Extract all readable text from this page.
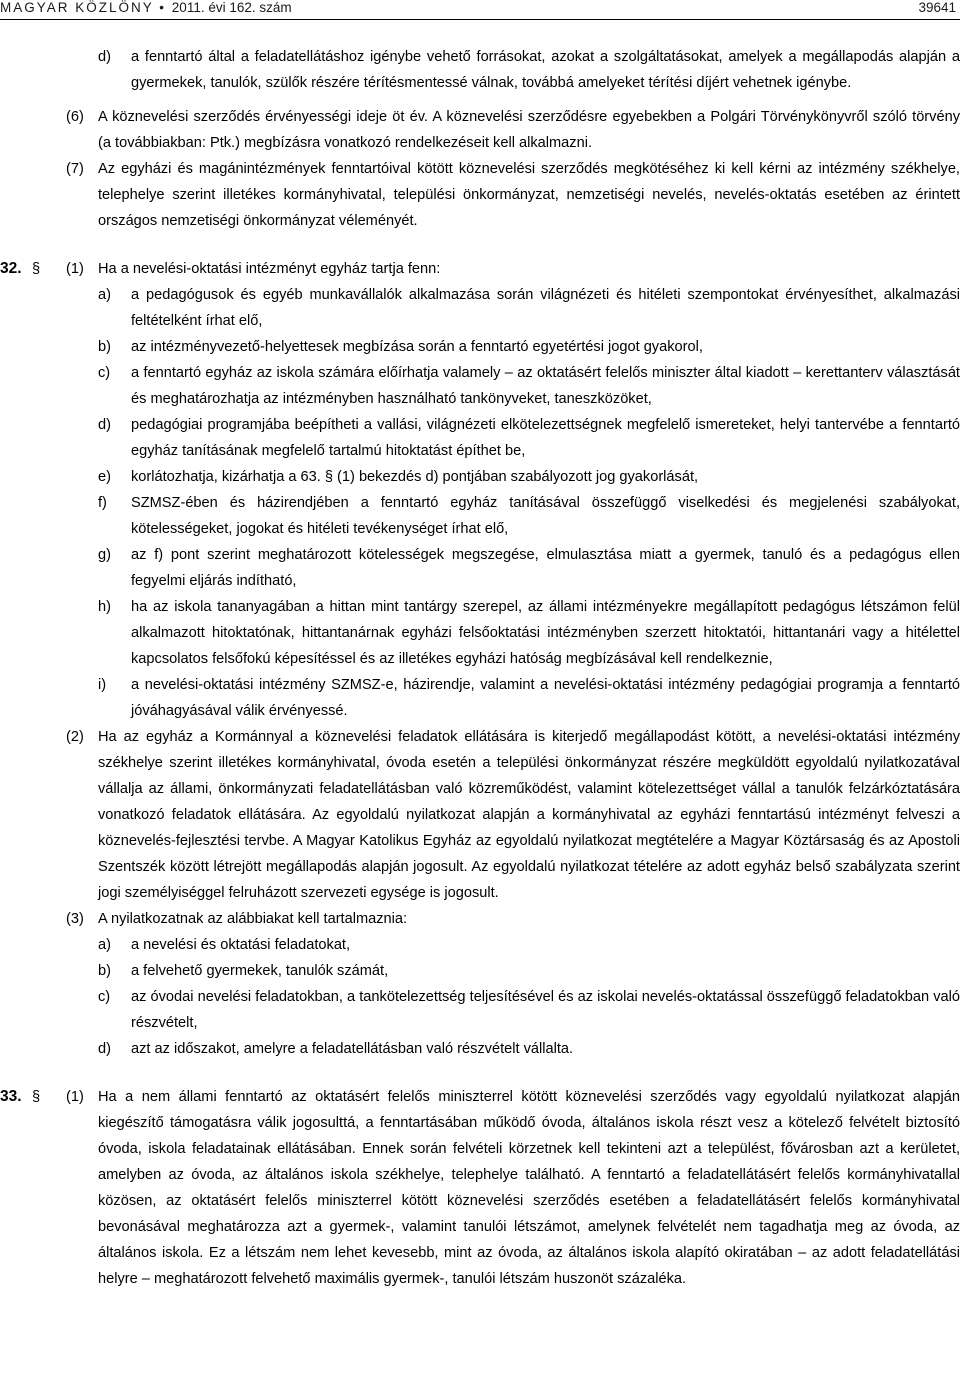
MAGYAR KÖZLÖNY • 2011. évi 162. szám	39641
d) a fenntartó által a feladatellátáshoz igénybe vehető forrásokat, azokat a szolgáltatásokat, amelyek a megállapodás alapján a gyermekek, tanulók, szülők részére térítésmentessé válnak, továbbá amelyeket térítési díjért vehetnek igénybe.
(6) A köznevelési szerződés érvényességi ideje öt év. A köznevelési szerződésre egyebekben a Polgári Törvénykönyvről szóló törvény (a továbbiakban: Ptk.) megbízásra vonatkozó rendelkezéseit kell alkalmazni.
(7) Az egyházi és magánintézmények fenntartóival kötött köznevelési szerződés megkötéséhez ki kell kérni az intézmény székhelye, telephelye szerint illetékes kormányhivatal, települési önkormányzat, nemzetiségi nevelés, nevelés-oktatás esetében az érintett országos nemzetiségi önkormányzat véleményét.
32. § (1) Ha a nevelési-oktatási intézményt egyház tartja fenn:
a) a pedagógusok és egyéb munkavállalók alkalmazása során világnézeti és hitéleti szempontokat érvényesíthet, alkalmazási feltételként írhat elő,
b) az intézményvezető-helyettesek megbízása során a fenntartó egyetértési jogot gyakorol,
c) a fenntartó egyház az iskola számára előírhatja valamely – az oktatásért felelős miniszter által kiadott – kerettanterv választását és meghatározhatja az intézményben használható tankönyveket, taneszközöket,
d) pedagógiai programjába beépítheti a vallási, világnézeti elkötelezettségnek megfelelő ismereteket, helyi tantervébe a fenntartó egyház tanításának megfelelő tartalmú hitoktatást építhet be,
e) korlátozhatja, kizárhatja a 63. § (1) bekezdés d) pontjában szabályozott jog gyakorlását,
f) SZMSZ-ében és házirendjében a fenntartó egyház tanításával összefüggő viselkedési és megjelenési szabályokat, kötelességeket, jogokat és hitéleti tevékenységet írhat elő,
g) az f) pont szerint meghatározott kötelességek megszegése, elmulasztása miatt a gyermek, tanuló és a pedagógus ellen fegyelmi eljárás indítható,
h) ha az iskola tananyagában a hittan mint tantárgy szerepel, az állami intézményekre megállapított pedagógus létszámon felül alkalmazott hitoktatónak, hittantanárnak egyházi felsőoktatási intézményben szerzett hitoktatói, hittantanári vagy a hitélettel kapcsolatos felsőfokú képesítéssel és az illetékes egyházi hatóság megbízásával kell rendelkeznie,
i) a nevelési-oktatási intézmény SZMSZ-e, házirendje, valamint a nevelési-oktatási intézmény pedagógiai programja a fenntartó jóváhagyásával válik érvényessé.
(2) Ha az egyház a Kormánnyal a köznevelési feladatok ellátására is kiterjedő megállapodást kötött, a nevelési-oktatási intézmény székhelye szerint illetékes kormányhivatal, óvoda esetén a települési önkormányzat részére megküldött egyoldalú nyilatkozatával vállalja az állami, önkormányzati feladatellátásban való közreműködést, valamint kötelezettséget vállal a tanulók felzárkóztatására vonatkozó feladatok ellátására. Az egyoldalú nyilatkozat alapján a kormányhivatal az egyházi fenntartású intézményt felveszi a köznevelés-fejlesztési tervbe. A Magyar Katolikus Egyház az egyoldalú nyilatkozat megtételére a Magyar Köztársaság és az Apostoli Szentszék között létrejött megállapodás alapján jogosult. Az egyoldalú nyilatkozat tételére az adott egyház belső szabályzata szerint jogi személyiséggel felruházott szervezeti egysége is jogosult.
(3) A nyilatkozatnak az alábbiakat kell tartalmaznia:
a) a nevelési és oktatási feladatokat,
b) a felvehető gyermekek, tanulók számát,
c) az óvodai nevelési feladatokban, a tankötelezettség teljesítésével és az iskolai nevelés-oktatással összefüggő feladatokban való részvételt,
d) azt az időszakot, amelyre a feladatellátásban való részvételt vállalta.
33. § (1) Ha a nem állami fenntartó az oktatásért felelős miniszterrel kötött köznevelési szerződés vagy egyoldalú nyilatkozat alapján kiegészítő támogatásra válik jogosulttá, a fenntartásában működő óvoda, általános iskola részt vesz a kötelező felvételt biztosító óvoda, iskola feladatainak ellátásában. Ennek során felvételi körzetnek kell tekinteni azt a települést, fővárosban azt a kerületet, amelyben az óvoda, az általános iskola székhelye, telephelye található. A fenntartó a feladatellátásért felelős kormányhivatallal közösen, az oktatásért felelős miniszterrel kötött köznevelési szerződés esetében a feladatellátásért felelős kormányhivatal bevonásával meghatározza azt a gyermek-, valamint tanulói létszámot, amelynek felvételét nem tagadhatja meg az óvoda, az általános iskola. Ez a létszám nem lehet kevesebb, mint az óvoda, az általános iskola alapító okiratában – az adott feladatellátási helyre – meghatározott felvehető maximális gyermek-, tanulói létszám huszonöt százaléka.
